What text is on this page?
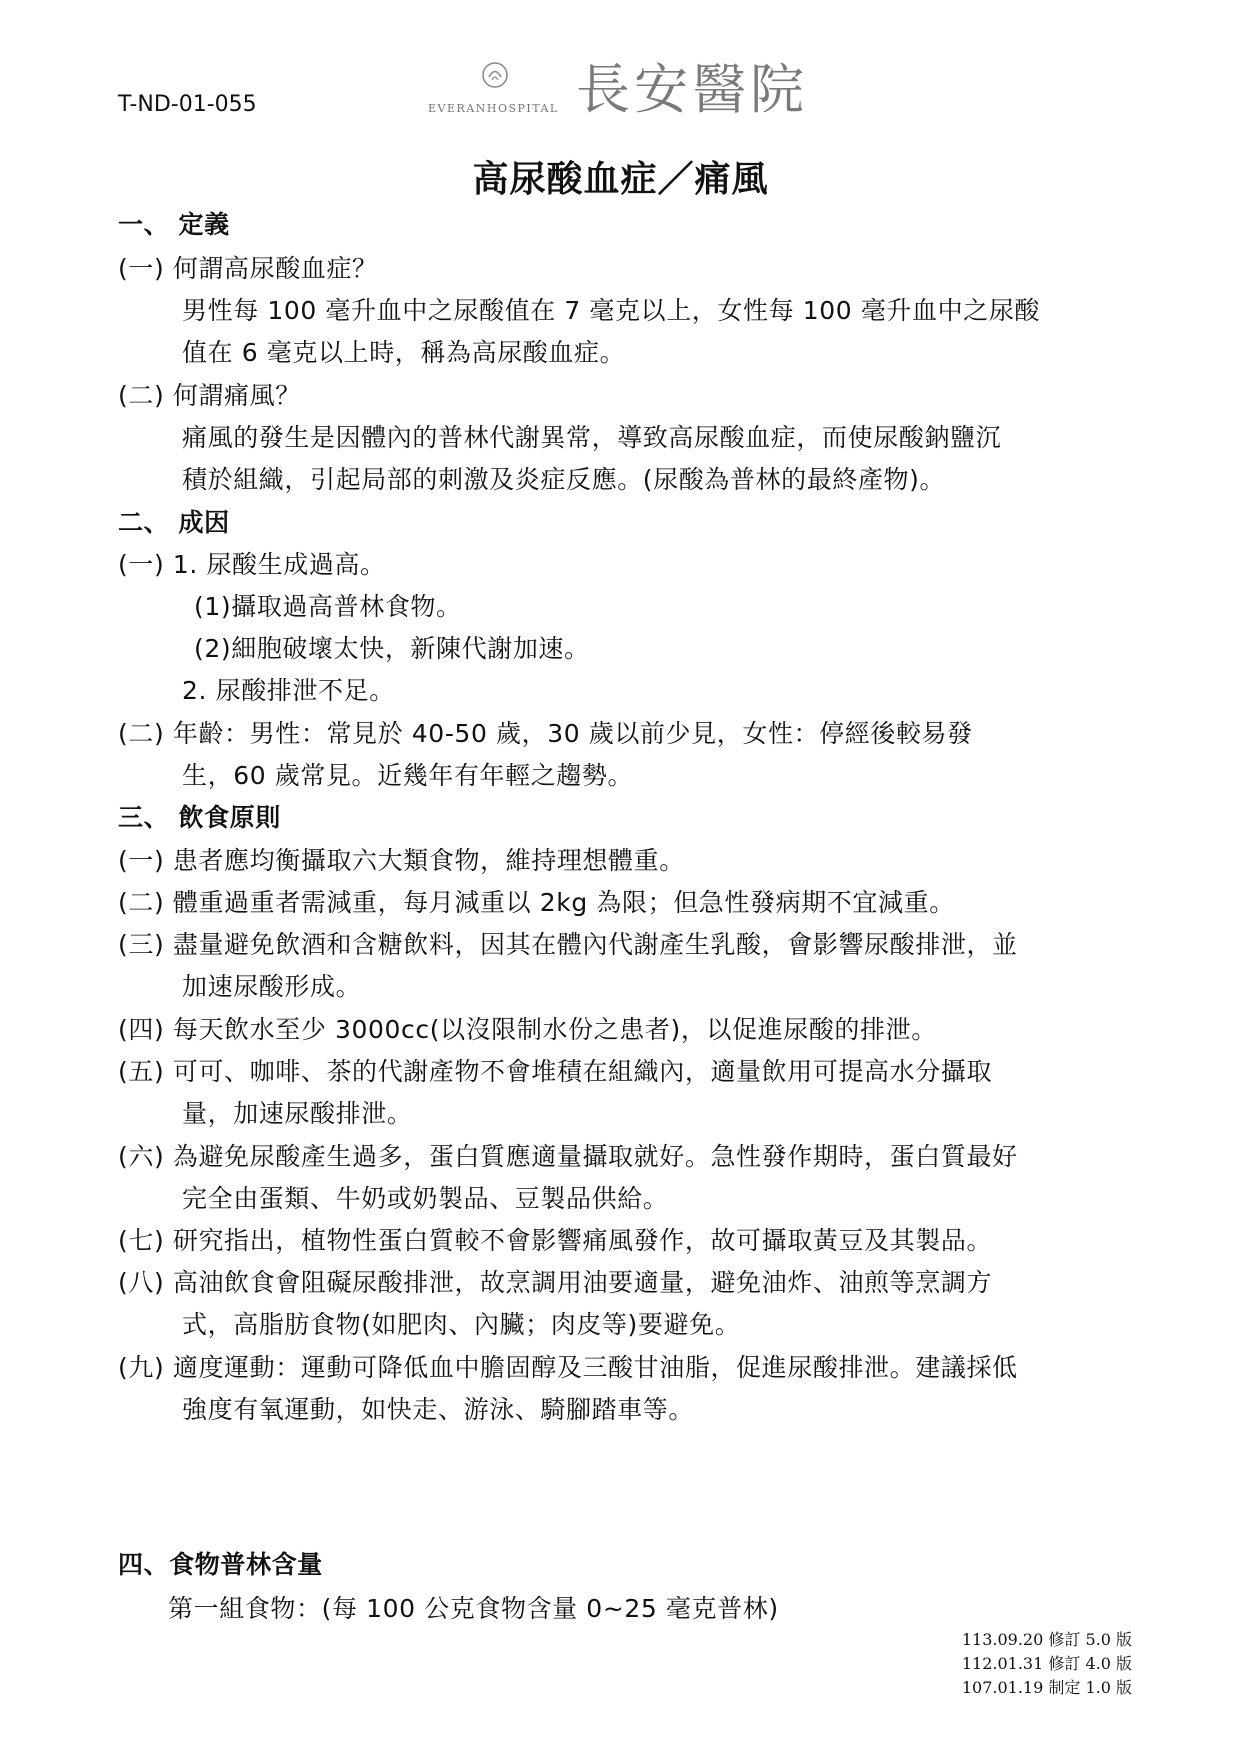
T-ND-01-055	EVERANHOSPITAL 長安醫院
高尿酸血症／痛風
一、 定義
(一) 何謂高尿酸血症？
男性每 100 毫升血中之尿酸值在 7 毫克以上，女性每 100 毫升血中之尿酸
值在 6 毫克以上時，稱為高尿酸血症。
(二) 何謂痛風？
痛風的發生是因體內的普林代謝異常，導致高尿酸血症，而使尿酸鈉鹽沉
積於組織，引起局部的刺激及炎症反應。(尿酸為普林的最終產物)。
二、 成因
(一) 1. 尿酸生成過高。
(1)攝取過高普林食物。
(2)細胞破壞太快，新陳代謝加速。
2. 尿酸排泄不足。
(二) 年齡：男性：常見於 40-50 歲，30 歲以前少見，女性：停經後較易發
生，60 歲常見。近幾年有年輕之趨勢。
三、 飲食原則
(一) 患者應均衡攝取六大類食物，維持理想體重。
(二) 體重過重者需減重，每月減重以 2kg 為限；但急性發病期不宜減重。
(三) 盡量避免飲酒和含糖飲料，因其在體內代謝產生乳酸，會影響尿酸排泄，並
加速尿酸形成。
(四) 每天飲水至少 3000cc(以沒限制水份之患者)，以促進尿酸的排泄。
(五) 可可、咖啡、茶的代謝產物不會堆積在組織內，適量飲用可提高水分攝取
量，加速尿酸排泄。
(六) 為避免尿酸產生過多，蛋白質應適量攝取就好。急性發作期時，蛋白質最好
完全由蛋類、牛奶或奶製品、豆製品供給。
(七) 研究指出，植物性蛋白質較不會影響痛風發作，故可攝取黃豆及其製品。
(八) 高油飲食會阻礙尿酸排泄，故烹調用油要適量，避免油炸、油煎等烹調方
式，高脂肪食物(如肥肉、內臟；肉皮等)要避免。
(九) 適度運動：運動可降低血中膽固醇及三酸甘油脂，促進尿酸排泄。建議採低
強度有氧運動，如快走、游泳、騎腳踏車等。
四、食物普林含量
第一組食物：(每 100 公克食物含量 0~25 毫克普林)
113.09.20 修訂 5.0 版
112.01.31 修訂 4.0 版
107.01.19 制定 1.0 版
